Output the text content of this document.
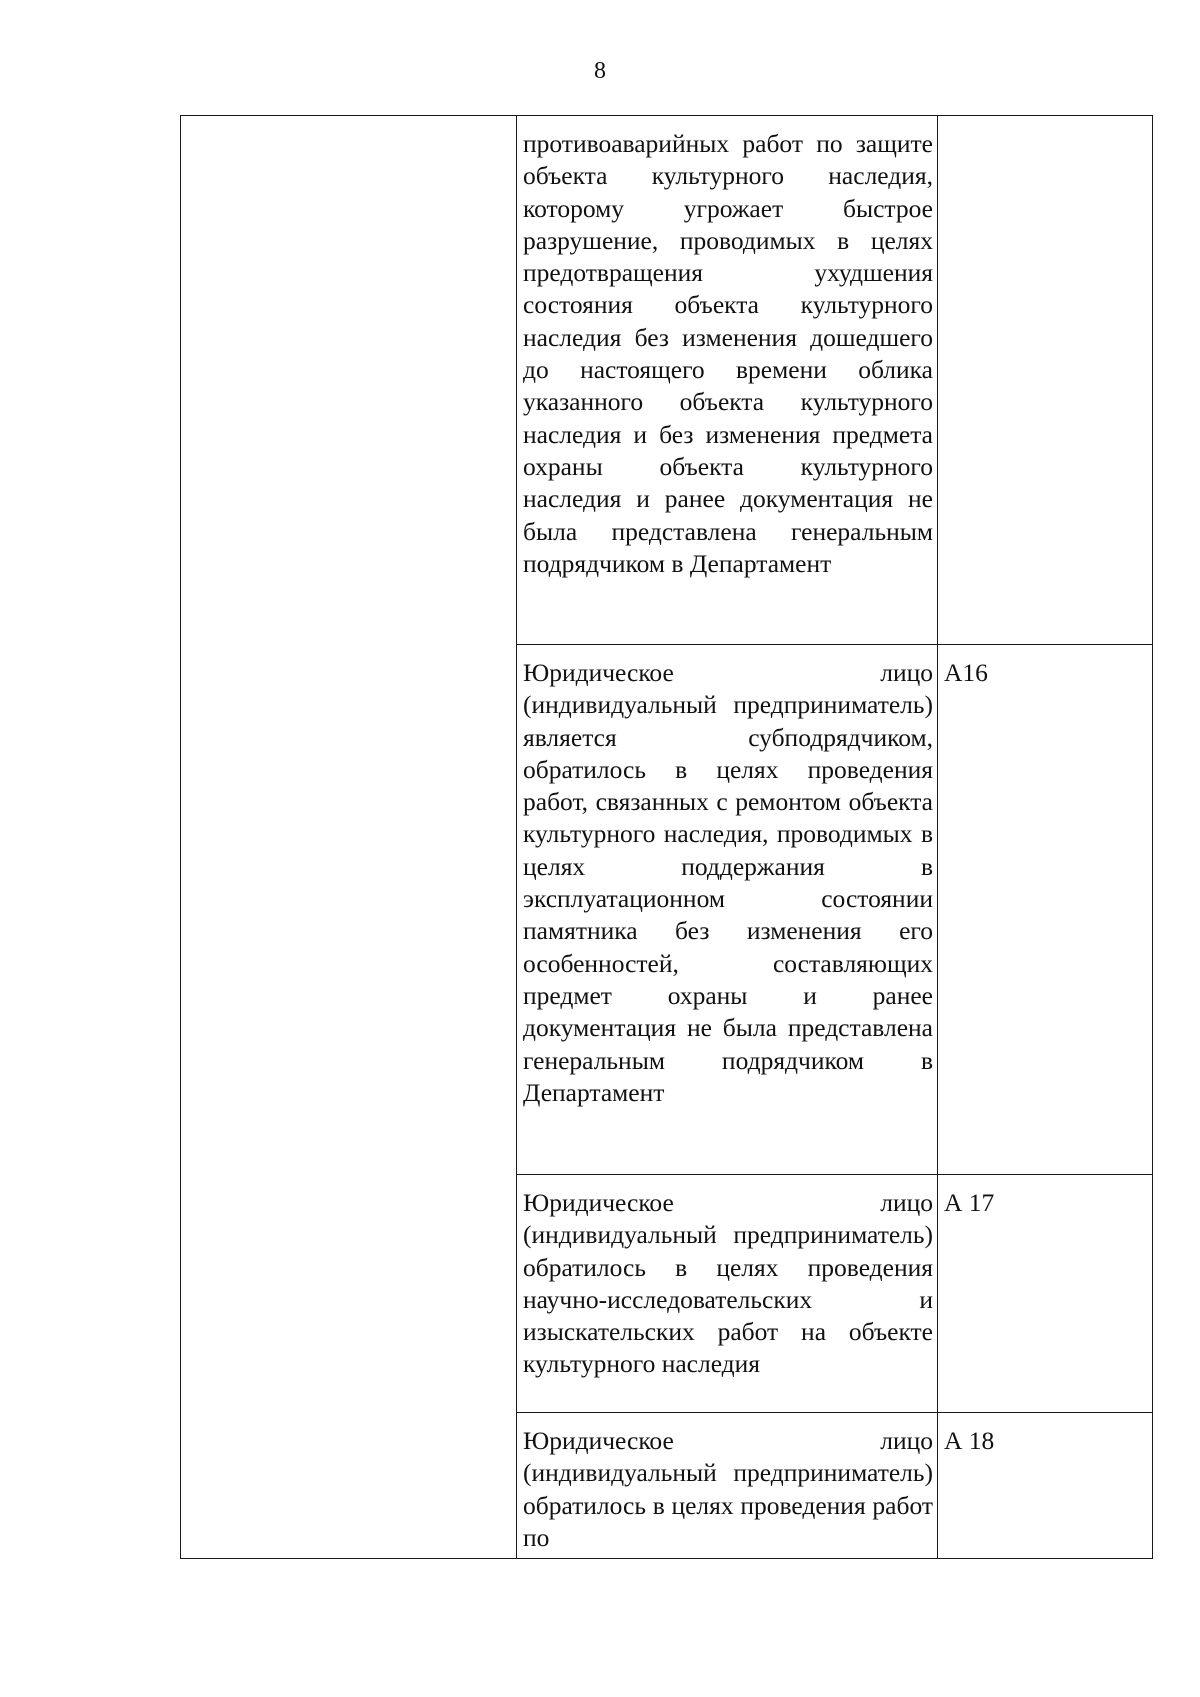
8

	противоаварийных работ по защите объекта культурного наследия, которому угрожает быстрое разрушение, проводимых в целях предотвращения ухудшения состояния объекта культурного наследия без изменения дошедшего до настоящего времени облика указанного объекта культурного наследия и без изменения предмета охраны объекта культурного наследия и ранее документация не была представлена генеральным подрядчиком в Департамент	

	Юридическое лицо (индивидуальный предприниматель) является субподрядчиком, обратилось в целях проведения работ, связанных с ремонтом объекта культурного наследия, проводимых в целях поддержания в эксплуатационном состоянии памятника без изменения его особенностей, составляющих предмет охраны и ранее документация не была представлена генеральным подрядчиком в Департамент	А16

	Юридическое лицо (индивидуальный предприниматель) обратилось в целях проведения научно-исследовательских и изыскательских работ на объекте культурного наследия	А 17

	Юридическое лицо (индивидуальный предприниматель) обратилось в целях проведения работ по	А 18
